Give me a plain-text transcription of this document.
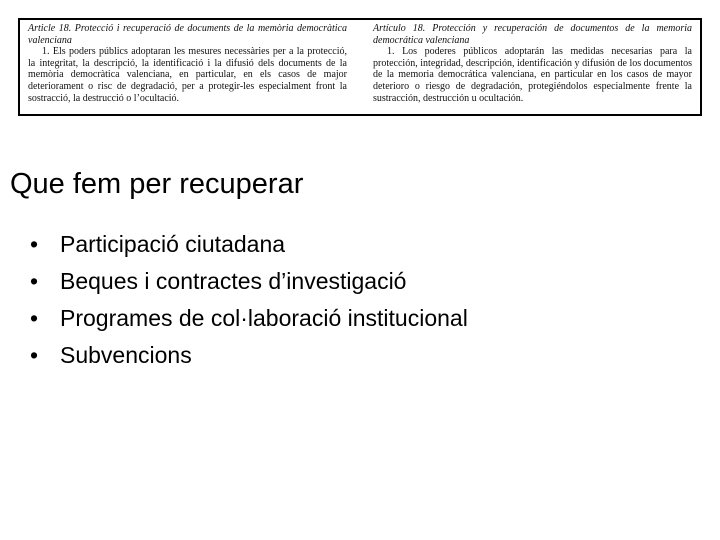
Article 18. Protecció i recuperació de documents de la memòria democràtica valenciana

1. Els poders públics adoptaran les mesures necessàries per a la protecció, la integritat, la descripció, la identificació i la difusió dels documents de la memòria democràtica valenciana, en particular, en els casos de major deteriorament o risc de degradació, per a protegir-les especialment front la sostracció, la destrucció o l’ocultació.

Artículo 18. Protección y recuperación de documentos de la memoria democrática valenciana

1. Los poderes públicos adoptarán las medidas necesarias para la protección, integridad, descripción, identificación y difusión de los documentos de la memoria democrática valenciana, en particular en los casos de mayor deterioro o riesgo de degradación, protegiéndolos especialmente frente la sustracción, destrucción u ocultación.

Que fem per recuperar
• Participació ciutadana
• Beques i contractes d’investigació
• Programes de col·laboració institucional
• Subvencions
